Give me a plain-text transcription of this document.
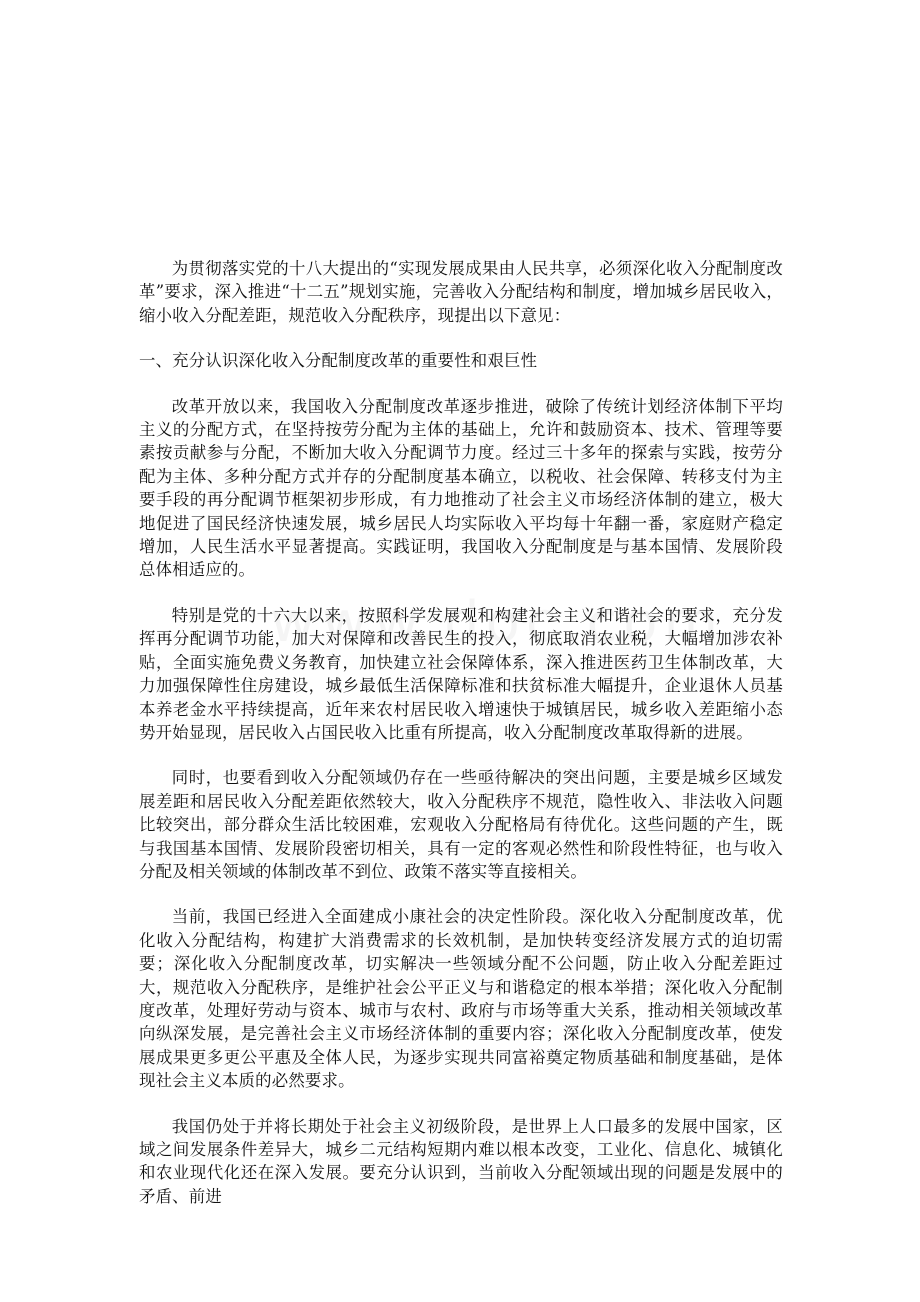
为贯彻落实党的十八大提出的“实现发展成果由人民共享，必须深化收入分配制度改革”要求，深入推进“十二五”规划实施，完善收入分配结构和制度，增加城乡居民收入，缩小收入分配差距，规范收入分配秩序，现提出以下意见：

一、充分认识深化收入分配制度改革的重要性和艰巨性

改革开放以来，我国收入分配制度改革逐步推进，破除了传统计划经济体制下平均主义的分配方式，在坚持按劳分配为主体的基础上，允许和鼓励资本、技术、管理等要素按贡献参与分配，不断加大收入分配调节力度。经过三十多年的探索与实践，按劳分配为主体、多种分配方式并存的分配制度基本确立，以税收、社会保障、转移支付为主要手段的再分配调节框架初步形成，有力地推动了社会主义市场经济体制的建立，极大地促进了国民经济快速发展，城乡居民人均实际收入平均每十年翻一番，家庭财产稳定增加，人民生活水平显著提高。实践证明，我国收入分配制度是与基本国情、发展阶段总体相适应的。

特别是党的十六大以来，按照科学发展观和构建社会主义和谐社会的要求，充分发挥再分配调节功能，加大对保障和改善民生的投入，彻底取消农业税，大幅增加涉农补贴，全面实施免费义务教育，加快建立社会保障体系，深入推进医药卫生体制改革，大力加强保障性住房建设，城乡最低生活保障标准和扶贫标准大幅提升，企业退休人员基本养老金水平持续提高，近年来农村居民收入增速快于城镇居民，城乡收入差距缩小态势开始显现，居民收入占国民收入比重有所提高，收入分配制度改革取得新的进展。

同时，也要看到收入分配领域仍存在一些亟待解决的突出问题，主要是城乡区域发展差距和居民收入分配差距依然较大，收入分配秩序不规范，隐性收入、非法收入问题比较突出，部分群众生活比较困难，宏观收入分配格局有待优化。这些问题的产生，既与我国基本国情、发展阶段密切相关，具有一定的客观必然性和阶段性特征，也与收入分配及相关领域的体制改革不到位、政策不落实等直接相关。

当前，我国已经进入全面建成小康社会的决定性阶段。深化收入分配制度改革，优化收入分配结构，构建扩大消费需求的长效机制，是加快转变经济发展方式的迫切需要；深化收入分配制度改革，切实解决一些领域分配不公问题，防止收入分配差距过大，规范收入分配秩序，是维护社会公平正义与和谐稳定的根本举措；深化收入分配制度改革，处理好劳动与资本、城市与农村、政府与市场等重大关系，推动相关领域改革向纵深发展，是完善社会主义市场经济体制的重要内容；深化收入分配制度改革，使发展成果更多更公平惠及全体人民，为逐步实现共同富裕奠定物质基础和制度基础，是体现社会主义本质的必然要求。

我国仍处于并将长期处于社会主义初级阶段，是世界上人口最多的发展中国家，区域之间发展条件差异大，城乡二元结构短期内难以根本改变，工业化、信息化、城镇化和农业现代化还在深入发展。要充分认识到，当前收入分配领域出现的问题是发展中的矛盾、前进
